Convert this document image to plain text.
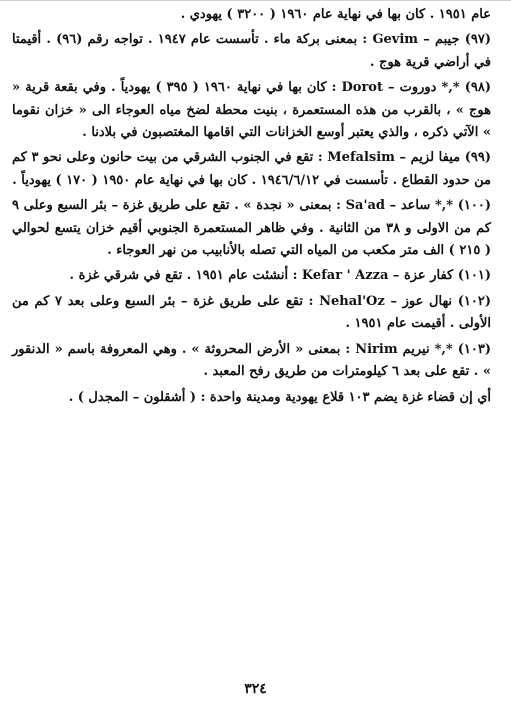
عام ١٩٥١ . كان بها في نهاية عام ١٩٦٠ ( ٣٢٠٠ ) يهودي .

(٩٧) جيبم – Gevim : بمعنى بركة ماء . تأسست عام ١٩٤٧ . تواجه رقم (٩٦) . أقيمتا في أراضي قرية هوج .

(٩٨) *,* دوروت – Dorot : كان بها في نهاية ١٩٦٠ ( ٣٩٥ ) يهودياً . وفي بقعة قرية « هوج » ، بالقرب من هذه المستعمرة ، بنيت محطة لضخ مياه العوجاء الى « خزان نقوما » الآتي ذكره ، والذي يعتبر أوسع الخزانات التي اقامها المغتصبون في بلادنا .

(٩٩) ميفا لزيم – Mefalsim : تقع في الجنوب الشرقي من بيت حانون وعلى نحو ٣ كم من حدود القطاع . تأسست في ١٩٤٦/٦/١٢ . كان بها في نهاية عام ١٩٥٠ ( ١٧٠ ) يهودياً .

(١٠٠) *,* ساعد – Sa'ad : بمعنى « نجدة » . تقع على طريق غزة – بئر السبع وعلى ٩ كم من الاولى و ٣٨ من الثانية . وفي ظاهر المستعمرة الجنوبي أقيم خزان يتسع لحوالي ( ٢١٥ ) الف متر مكعب من المياه التي تصله بالأنابيب من نهر العوجاء .

(١٠١) كفار عزة – Kefar ' Azza : أنشئت عام ١٩٥١ . تقع في شرقي غزة .

(١٠٢) نهال عوز – Nehal'Oz : تقع على طريق غزة – بئر السبع وعلى بعد ٧ كم من الأولى . أقيمت عام ١٩٥١ .

(١٠٣) *,* نيريم Nirim : بمعنى « الأرض المحروثة » . وهي المعروفة باسم « الدنقور » . تقع على بعد ٦ كيلومترات من طريق رفح المعبد .

أي إن قضاء غزة يضم ١٠٣ قلاع يهودية ومدينة واحدة : ( أشقلون – المجدل ) .

٣٢٤
